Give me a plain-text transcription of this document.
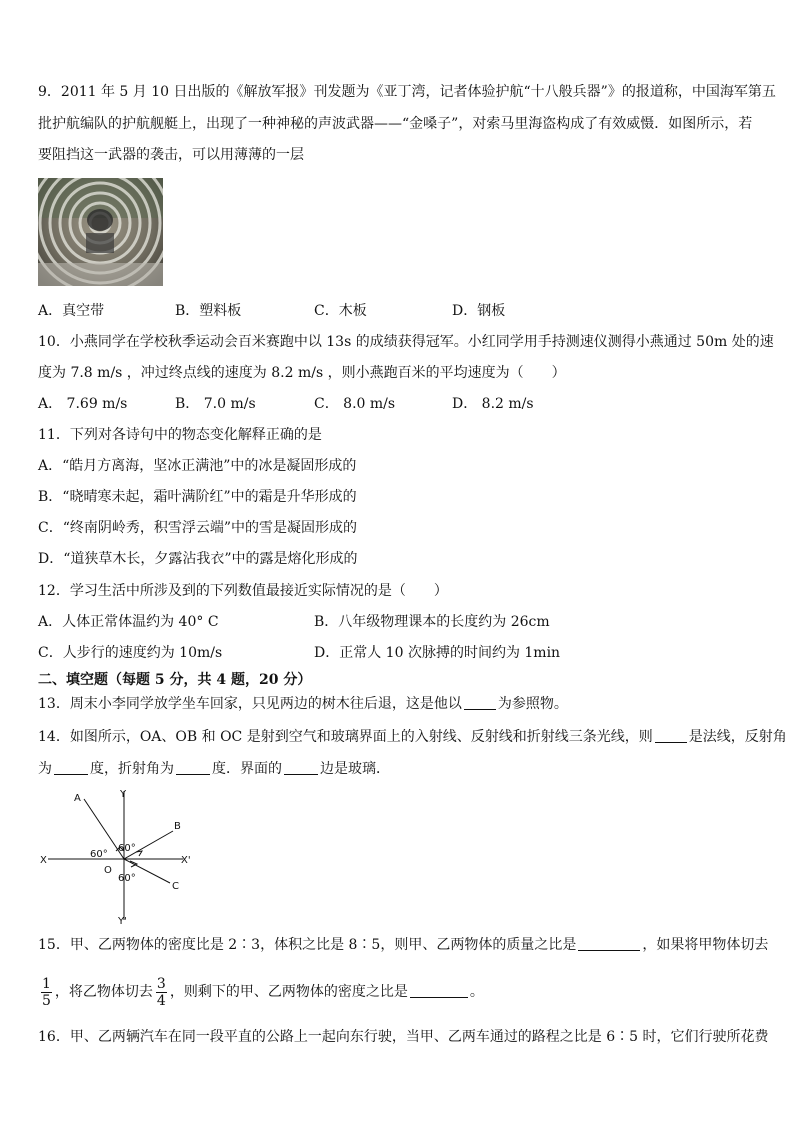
9．2011 年 5 月 10 日出版的《解放军报》刊发题为《亚丁湾，记者体验护航“十八般兵器”》的报道称，中国海军第五
批护航编队的护航舰艇上，出现了一种神秘的声波武器——“金嗓子”，对索马里海盗构成了有效威慑．如图所示，若
要阻挡这一武器的袭击，可以用薄薄的一层
A．真空带	B．塑料板	C．木板	D．钢板
10．小燕同学在学校秋季运动会百米赛跑中以 13s 的成绩获得冠军。小红同学用手持测速仪测得小燕通过 50m 处的速
度为 7.8 m/s ，冲过终点线的速度为 8.2 m/s ，则小燕跑百米的平均速度为（　　）
A． 7.69 m/s	B． 7.0 m/s	C． 8.0 m/s	D． 8.2 m/s
11．下列对各诗句中的物态变化解释正确的是
A．“皓月方离海，坚冰正满池”中的冰是凝固形成的
B．“晓晴寒未起，霜叶满阶红”中的霜是升华形成的
C．“终南阴岭秀，积雪浮云端”中的雪是凝固形成的
D．“道狭草木长，夕露沾我衣”中的露是熔化形成的
12．学习生活中所涉及到的下列数值最接近实际情况的是（　　）
A．人体正常体温约为 40° C	B．八年级物理课本的长度约为 26cm
C．人步行的速度约为 10m/s	D．正常人 10 次脉搏的时间约为 1min
二、填空题（每题 5 分，共 4 题，20 分）
13．周末小李同学放学坐车回家，只见两边的树木往后退，这是他以	为参照物。
14．如图所示，OA、OB 和 OC 是射到空气和玻璃界面上的入射线、反射线和折射线三条光线，则	是法线，反射角
为	度，折射角为	度．界面的	边是玻璃．
A	Y
B
X	X'
O
C
Y'
60°
60°
60°
15．甲、乙两物体的密度比是 2∶3，体积之比是 8∶5，则甲、乙两物体的质量之比是	，如果将甲物体切去
$\frac{1}{5}$ ，将乙物体切去 $\frac{3}{4}$ ，则剩下的甲、乙两物体的密度之比是	。
16．甲、乙两辆汽车在同一段平直的公路上一起向东行驶，当甲、乙两车通过的路程之比是 6∶5 时，它们行驶所花费
